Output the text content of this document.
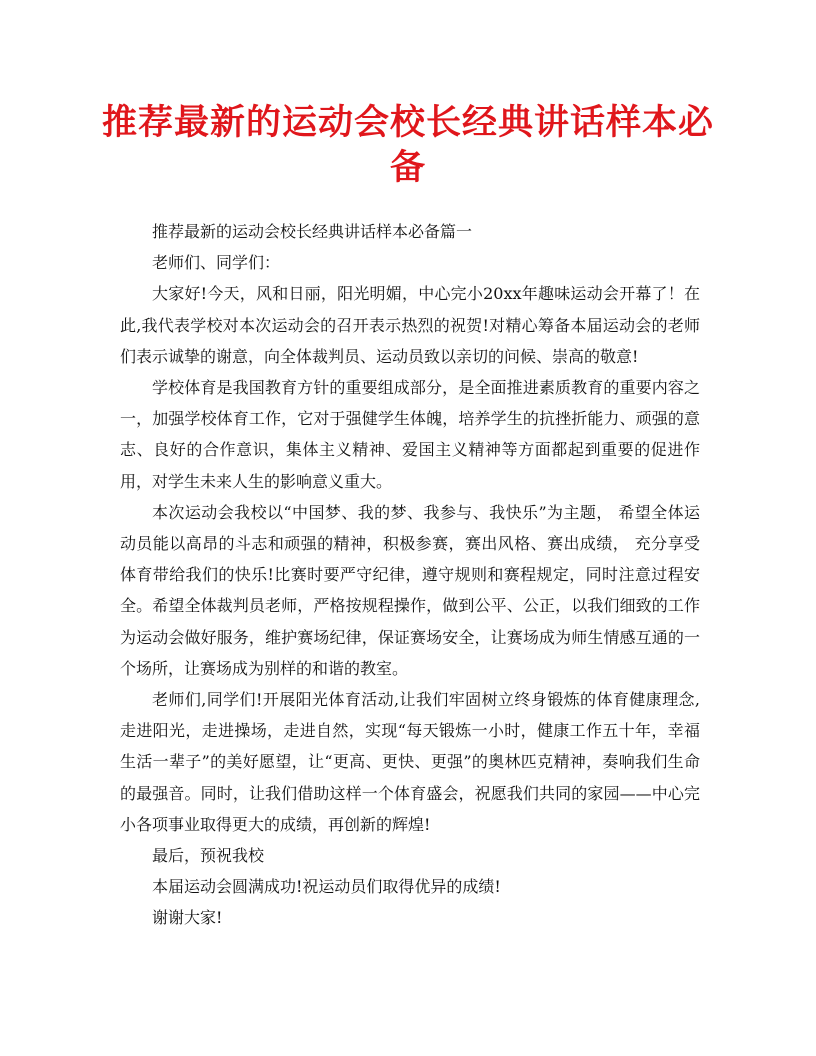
推荐最新的运动会校长经典讲话样本必备

推荐最新的运动会校长经典讲话样本必备篇一

老师们、同学们：

大家好!今天，风和日丽，阳光明媚，中心完小20xx年趣味运动会开幕了！在此,我代表学校对本次运动会的召开表示热烈的祝贺!对精心筹备本届运动会的老师们表示诚挚的谢意，向全体裁判员、运动员致以亲切的问候、崇高的敬意!

学校体育是我国教育方针的重要组成部分，是全面推进素质教育的重要内容之一，加强学校体育工作，它对于强健学生体魄，培养学生的抗挫折能力、顽强的意志、良好的合作意识，集体主义精神、爱国主义精神等方面都起到重要的促进作用，对学生未来人生的影响意义重大。

本次运动会我校以“中国梦、我的梦、我参与、我快乐”为主题， 希望全体运动员能以高昂的斗志和顽强的精神，积极参赛，赛出风格、赛出成绩， 充分享受体育带给我们的快乐!比赛时要严守纪律，遵守规则和赛程规定，同时注意过程安全。希望全体裁判员老师，严格按规程操作，做到公平、公正，以我们细致的工作为运动会做好服务，维护赛场纪律，保证赛场安全，让赛场成为师生情感互通的一个场所，让赛场成为别样的和谐的教室。

老师们,同学们!开展阳光体育活动,让我们牢固树立终身锻炼的体育健康理念,走进阳光，走进操场，走进自然，实现“每天锻炼一小时，健康工作五十年，幸福生活一辈子”的美好愿望，让“更高、更快、更强”的奥林匹克精神，奏响我们生命的最强音。同时，让我们借助这样一个体育盛会，祝愿我们共同的家园——中心完小各项事业取得更大的成绩，再创新的辉煌!

最后，预祝我校

本届运动会圆满成功!祝运动员们取得优异的成绩!

谢谢大家!
